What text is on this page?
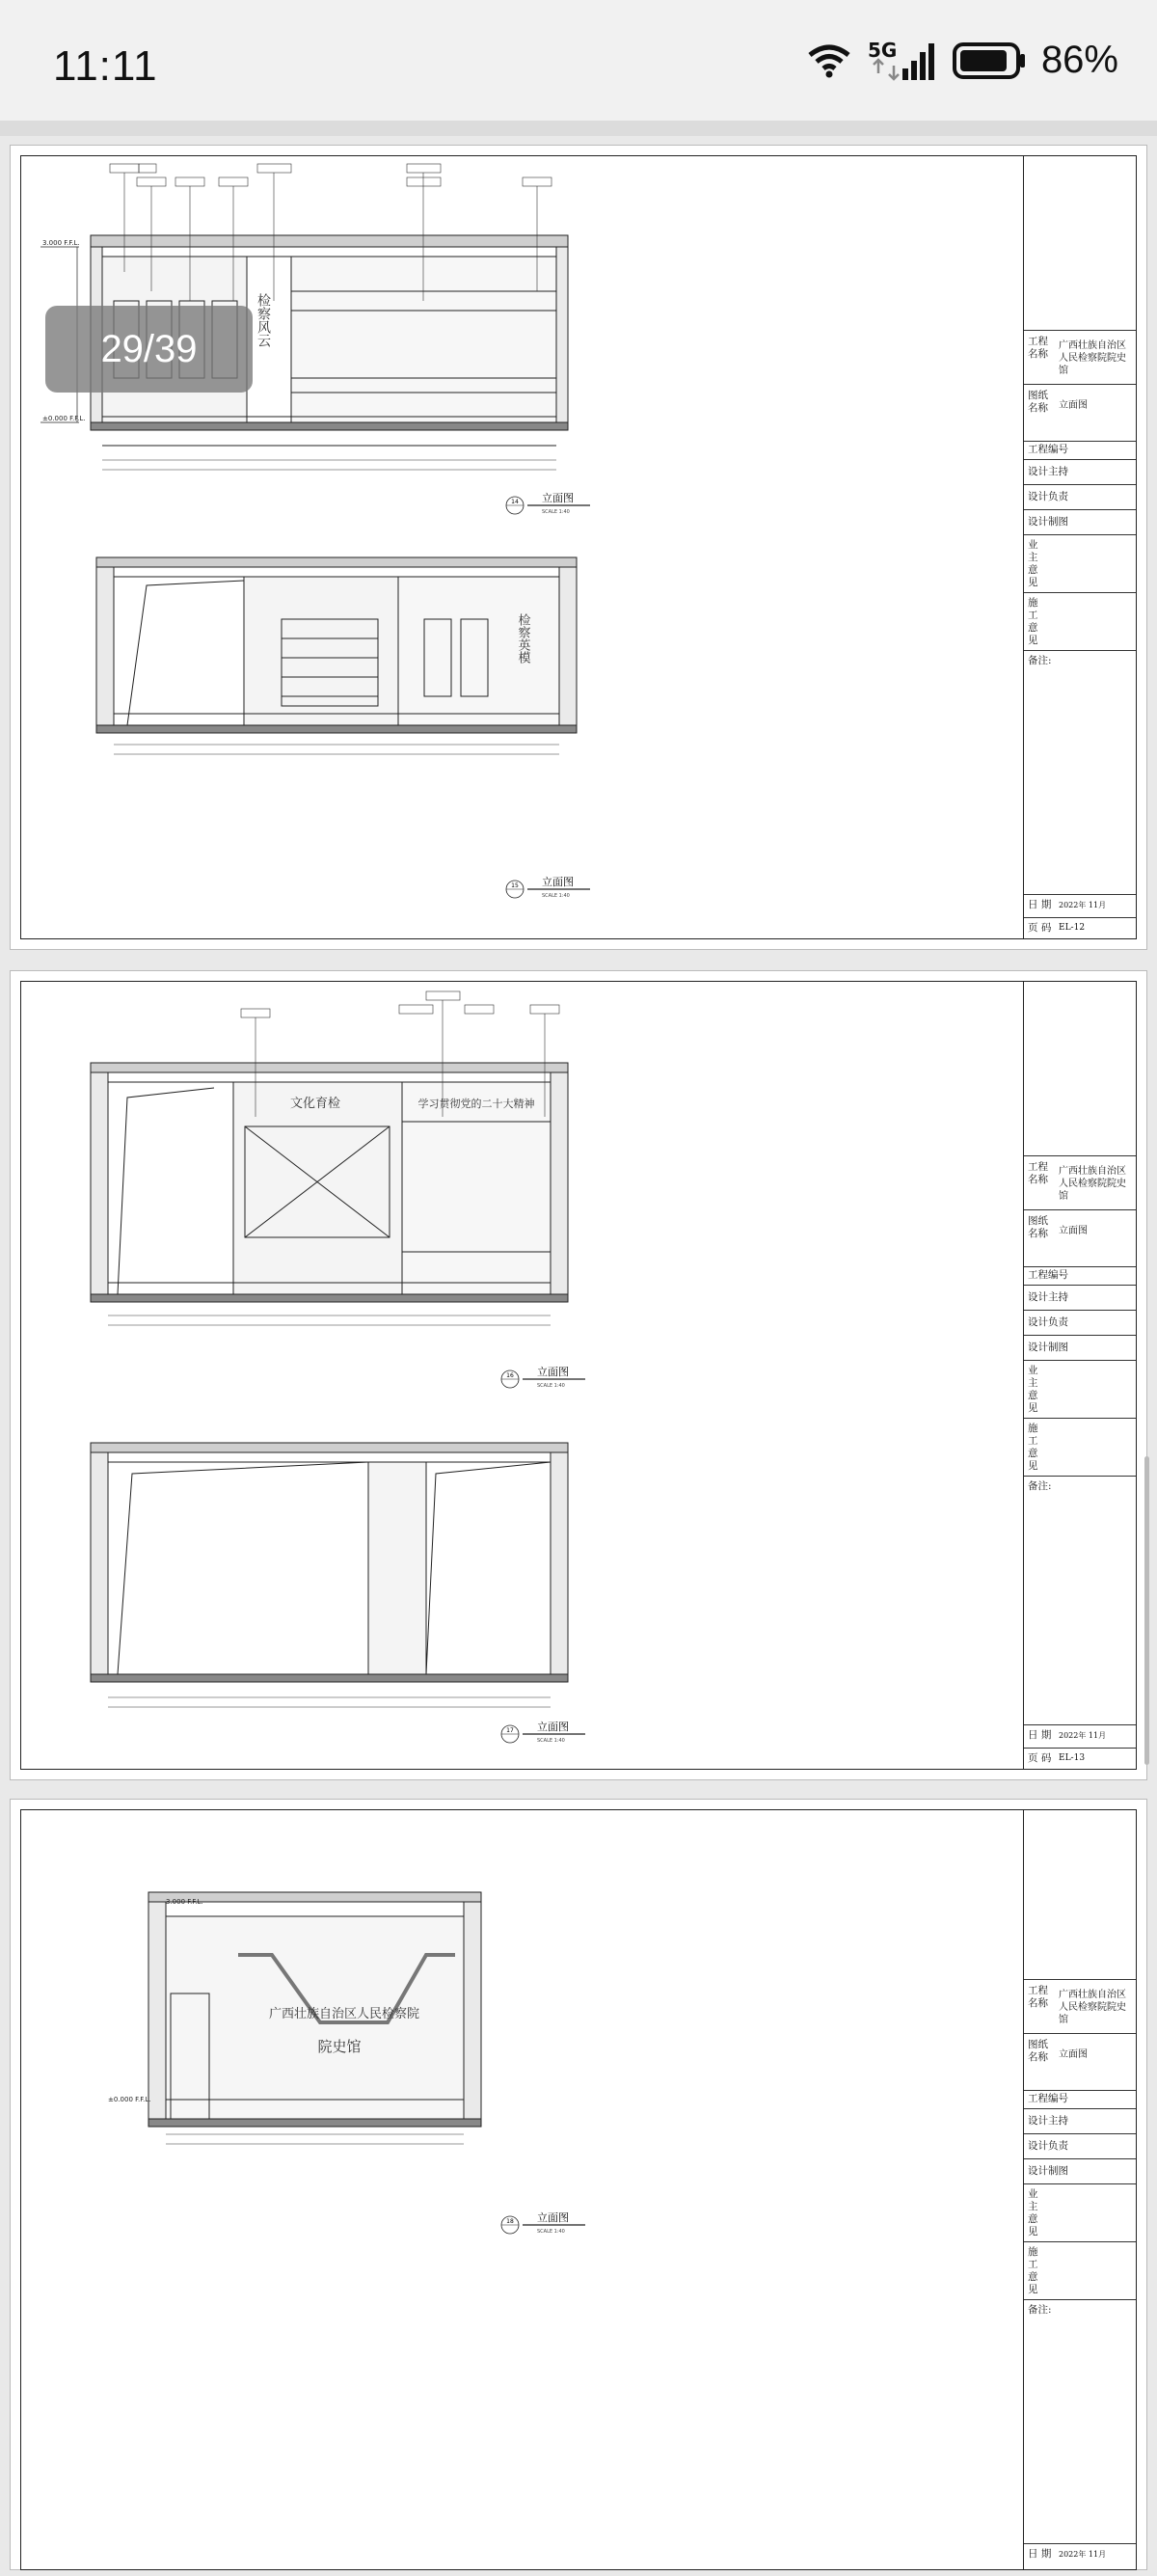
11:11	5G	86%
检察风云
3.000 F.F.L.
±0.000 F.F.L.
14 立面图
SCALE 1:40
检察英模
15 立面图
SCALE 1:40
工程名称
广西壮族自治区人民检察院院史馆
图纸名称	立面图
工程编号
设计主持
设计负责
设计制图
业主意见
施工意见
备注:
日 期 2022年 11月
页 码 EL-12
文化育检	学习贯彻党的二十大精神
16 立面图
SCALE 1:40
17 立面图
SCALE 1:40
工程名称
广西壮族自治区人民检察院院史馆
图纸名称	立面图
工程编号
设计主持
设计负责
设计制图
业主意见
施工意见
备注:
日 期 2022年 11月
页 码 EL-13
广西壮族自治区人民检察院
院史馆
3.000 F.F.L.
±0.000 F.F.L.
18 立面图
SCALE 1:40
工程名称
广西壮族自治区人民检察院院史馆
图纸名称	立面图
工程编号
设计主持
设计负责
设计制图
业主意见
施工意见
备注:
日 期 2022年 11月
29/39
